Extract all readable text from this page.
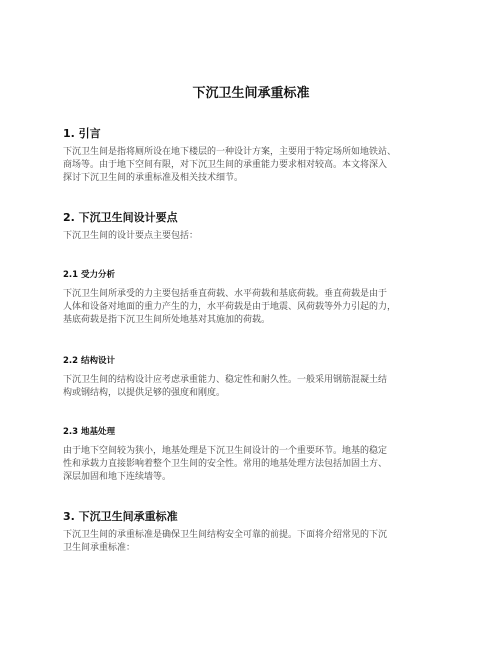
下沉卫生间承重标准
1. 引言

下沉卫生间是指将厕所设在地下楼层的一种设计方案，主要用于特定场所如地铁站、
商场等。由于地下空间有限，对下沉卫生间的承重能力要求相对较高。本文将深入
探讨下沉卫生间的承重标准及相关技术细节。

2. 下沉卫生间设计要点

下沉卫生间的设计要点主要包括：

2.1 受力分析

下沉卫生间所承受的力主要包括垂直荷载、水平荷载和基底荷载。垂直荷载是由于
人体和设备对地面的重力产生的力，水平荷载是由于地震、风荷载等外力引起的力，
基底荷载是指下沉卫生间所处地基对其施加的荷载。

2.2 结构设计

下沉卫生间的结构设计应考虑承重能力、稳定性和耐久性。一般采用钢筋混凝土结
构或钢结构，以提供足够的强度和刚度。

2.3 地基处理

由于地下空间较为狭小，地基处理是下沉卫生间设计的一个重要环节。地基的稳定
性和承载力直接影响着整个卫生间的安全性。常用的地基处理方法包括加固土方、
深层加固和地下连续墙等。

3. 下沉卫生间承重标准

下沉卫生间的承重标准是确保卫生间结构安全可靠的前提。下面将介绍常见的下沉
卫生间承重标准：
